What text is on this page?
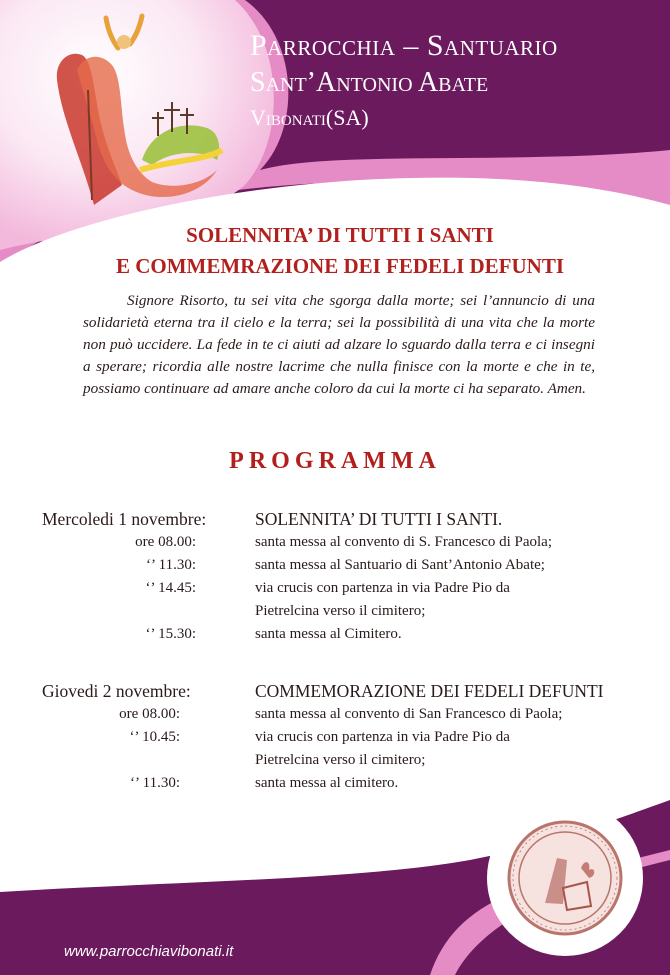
Parrocchia – Santuario
Sant’Antonio Abate
Vibonati(SA)
SOLENNITA’ DI TUTTI I SANTI
E COMMEMRAZIONE DEI FEDELI DEFUNTI
Signore Risorto, tu sei vita che sgorga dalla morte; sei l’annuncio di una solidarietà eterna tra il cielo e la terra; sei la possibilità di una vita che la morte non può uccidere. La fede in te ci aiuti ad alzare lo sguardo dalla terra e ci insegni a sperare; ricordia alle nostre lacrime che nulla finisce con la morte e che in te, possiamo continuare ad amare anche coloro da cui la morte ci ha separato. Amen.
PROGRAMMA
Mercoledi 1 novembre:	SOLENNITA’ DI TUTTI I SANTI.
ore 08.00:	santa messa al convento di S. Francesco di Paola;
‘’ 11.30:	santa messa al Santuario di Sant’Antonio Abate;
‘’ 14.45:	via crucis con partenza in via Padre Pio da
Pietrelcina verso il cimitero;
‘’ 15.30:	santa messa al Cimitero.
Giovedi 2 novembre:	COMMEMORAZIONE DEI FEDELI DEFUNTI
ore 08.00:	santa messa al convento di San Francesco di Paola;
‘’ 10.45:	via crucis con partenza in via Padre Pio da
Pietrelcina verso il cimitero;
‘’ 11.30:	santa messa al cimitero.
www.parrocchiavibonati.it
